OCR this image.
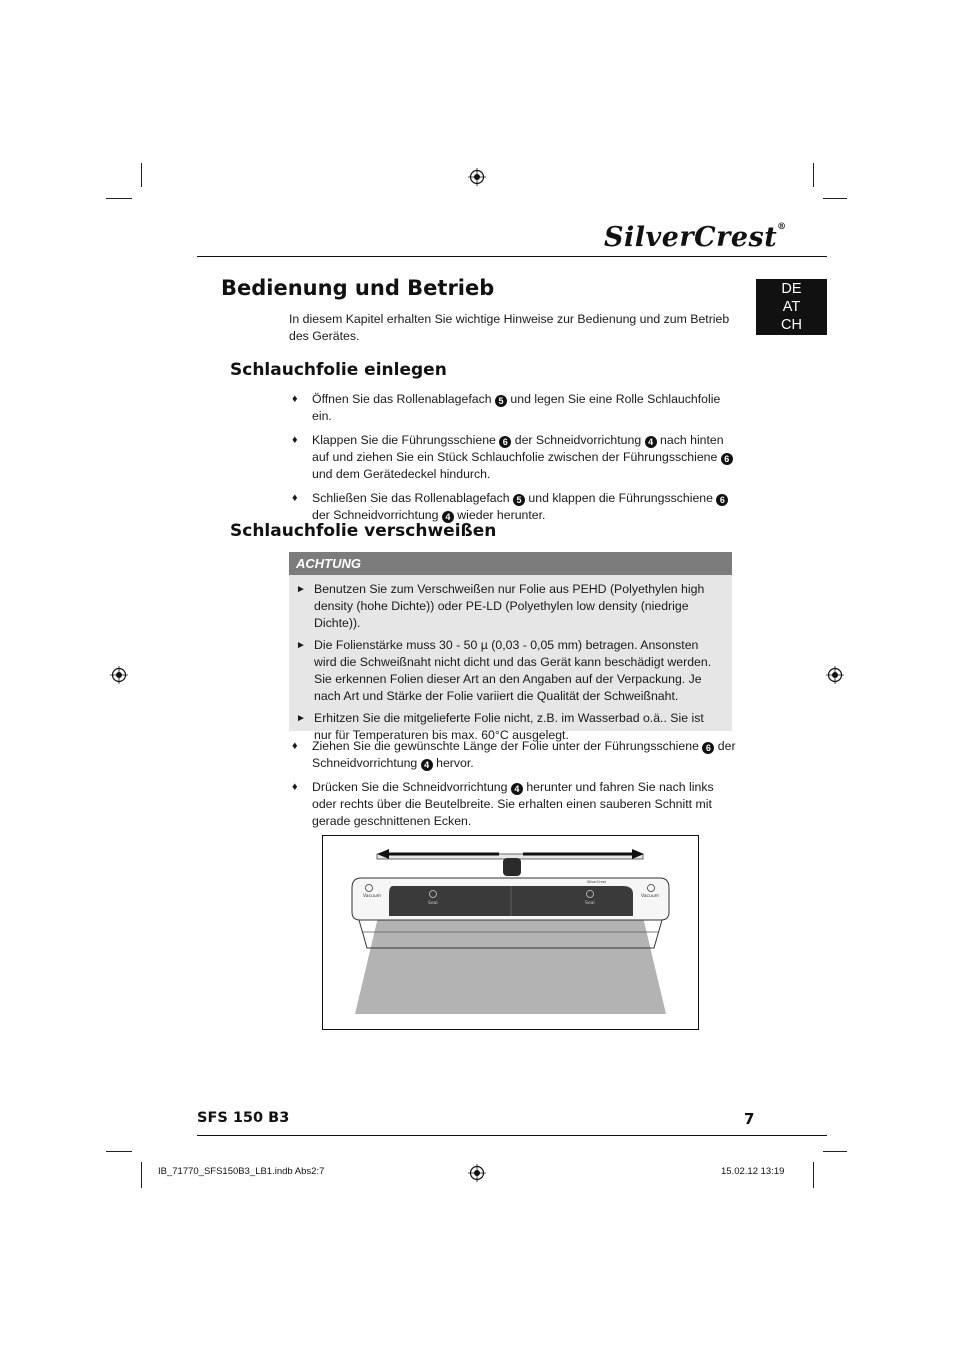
SilverCrest®
Bedienung und Betrieb	DE
AT
CH
In diesem Kapitel erhalten Sie wichtige Hinweise zur Bedienung und zum Betrieb des Gerätes.
Schlauchfolie einlegen
♦ Öffnen Sie das Rollenablagefach 5 und legen Sie eine Rolle Schlauchfolie ein.
♦ Klappen Sie die Führungsschiene 6 der Schneidvorrichtung 4 nach hinten auf und ziehen Sie ein Stück Schlauchfolie zwischen der Führungsschiene 6 und dem Gerätedeckel hindurch.
♦ Schließen Sie das Rollenablagefach 5 und klappen die Führungsschiene 6 der Schneidvorrichtung 4 wieder herunter.
Schlauchfolie verschweißen
ACHTUNG
► Benutzen Sie zum Verschweißen nur Folie aus PEHD (Polyethylen high density (hohe Dichte)) oder PE-LD (Polyethylen low density (niedrige Dichte)).
► Die Folienstärke muss 30 - 50 µ (0,03 - 0,05 mm) betragen. Ansonsten wird die Schweißnaht nicht dicht und das Gerät kann beschädigt werden. Sie erkennen Folien dieser Art an den Angaben auf der Verpackung. Je nach Art und Stärke der Folie variiert die Qualität der Schweißnaht.
► Erhitzen Sie die mitgelieferte Folie nicht, z.B. im Wasserbad o.ä.. Sie ist nur für Temperaturen bis max. 60°C ausgelegt.
♦ Ziehen Sie die gewünschte Länge der Folie unter der Führungsschiene 6 der Schneidvorrichtung 4 hervor.
♦ Drücken Sie die Schneidvorrichtung 4 herunter und fahren Sie nach links oder rechts über die Beutelbreite. Sie erhalten einen sauberen Schnitt mit gerade geschnittenen Ecken.
Seal	Seal
SilverCrest
Vacuum	Vacuum
SFS 150 B3	7
IB_71770_SFS150B3_LB1.indb Abs2:7	15.02.12 13:19
